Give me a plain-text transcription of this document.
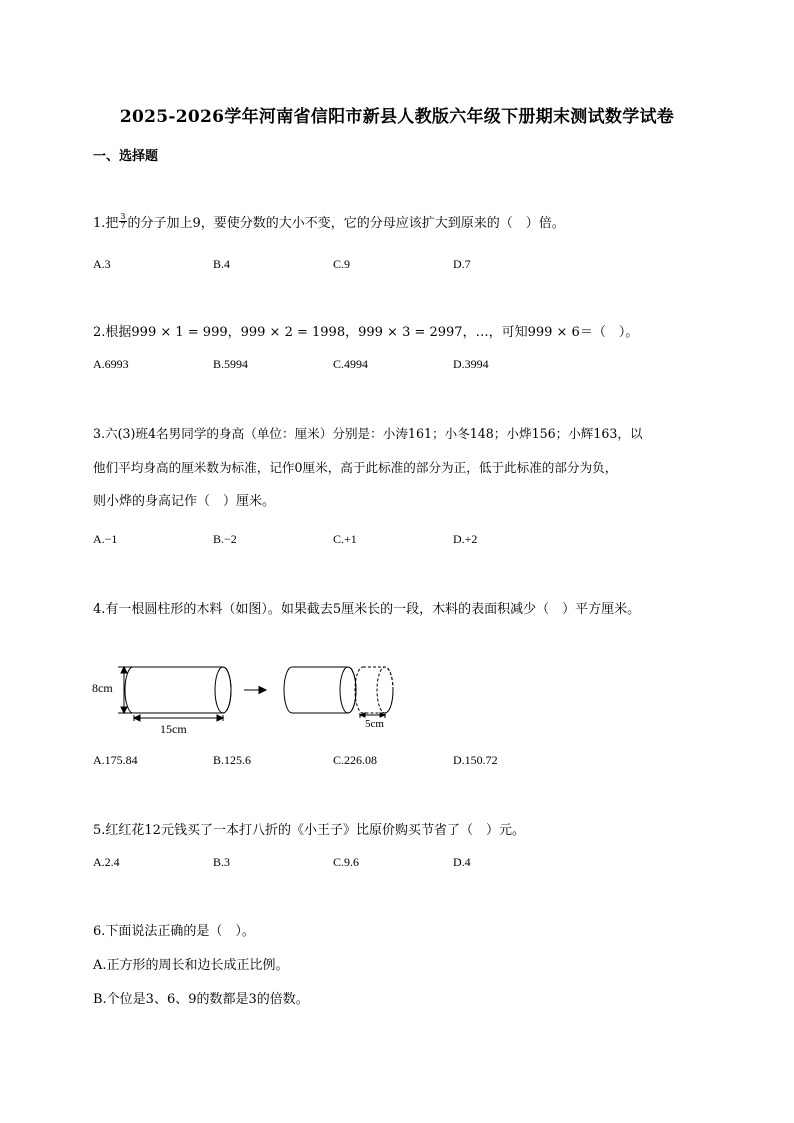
2025-2026学年河南省信阳市新县人教版六年级下册期末测试数学试卷
一、选择题
1.把 $\frac{3}{7}$ 的分子加上9，要使分数的大小不变，它的分母应该扩大到原来的（　）倍。
A.3	B.4	C.9	D.7
2.根据999 × 1 = 999，999 × 2 = 1998，999 × 3 = 2997，…，可知999 × 6＝（　）。
A.6993	B.5994	C.4994	D.3994
3.六(3)班4名男同学的身高（单位：厘米）分别是：小涛161；小冬148；小烨156；小辉163，以
他们平均身高的厘米数为标准，记作0厘米，高于此标准的部分为正，低于此标准的部分为负，
则小烨的身高记作（　）厘米。
A.−1	B.−2	C.+1	D.+2
4.有一根圆柱形的木料（如图）。如果截去5厘米长的一段，木料的表面积减少（　）平方厘米。
8cm
15cm	5cm
A.175.84	B.125.6	C.226.08	D.150.72
5.红红花12元钱买了一本打八折的《小王子》比原价购买节省了（　）元。
A.2.4	B.3	C.9.6	D.4
6.下面说法正确的是（　）。
A.正方形的周长和边长成正比例。
B.个位是3、6、9的数都是3的倍数。
